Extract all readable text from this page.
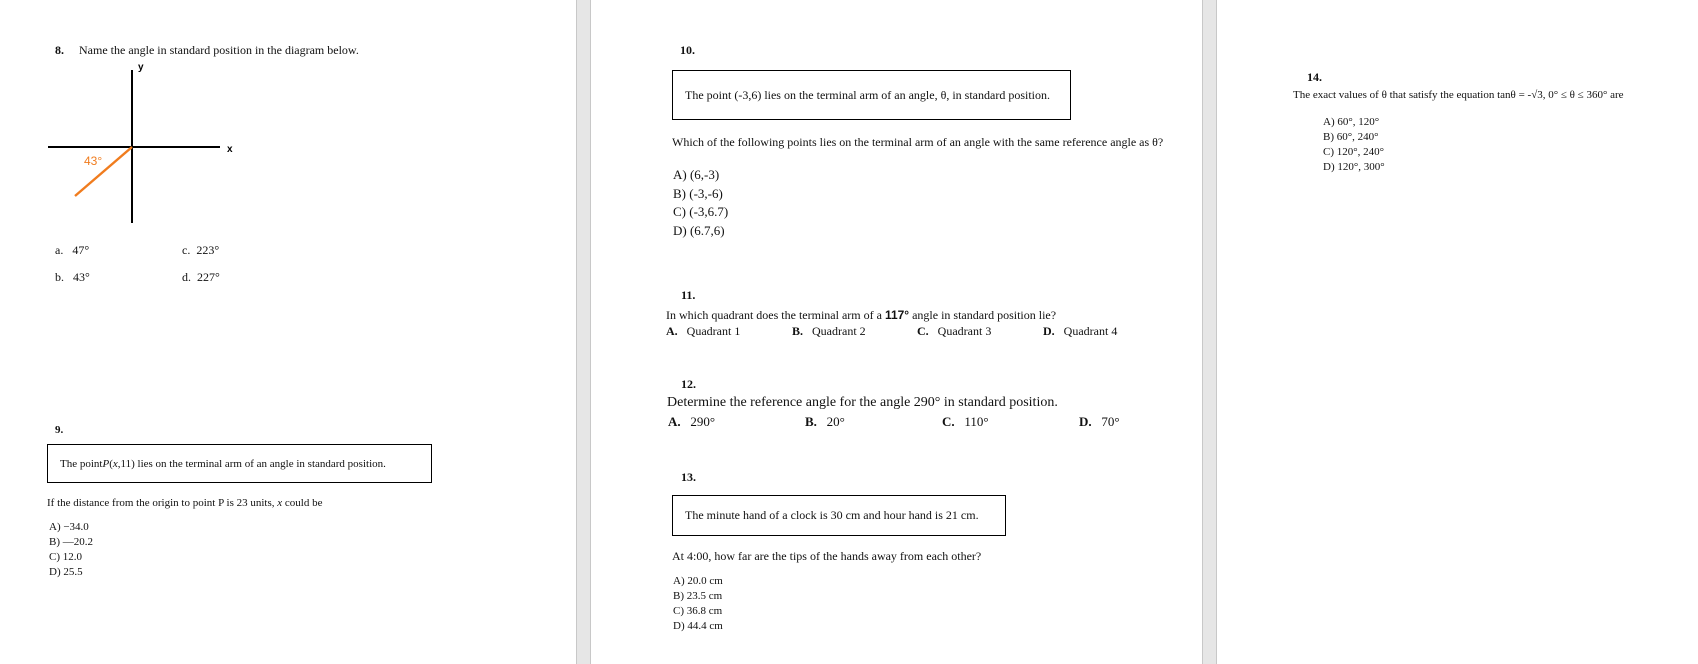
8. Name the angle in standard position in the diagram below.
y
x
43°
a. 47°	c. 223°
b. 43°	d. 227°
9.
The point P ( x ,11) lies on the terminal arm of an angle in standard position.
If the distance from the origin to point P is 23 units, x could be
A) −34.0
B) —20.2
C) 12.0
D) 25.5
10.
The point (-3,6) lies on the terminal arm of an angle, θ, in standard position.
Which of the following points lies on the terminal arm of an angle with the same reference angle as θ?
A) (6,-3)
B) (-3,-6)
C) (-3,6.7)
D) (6.7,6)
11.
In which quadrant does the terminal arm of a 117° angle in standard position lie?
A. Quadrant 1	B. Quadrant 2	C. Quadrant 3	D. Quadrant 4
12.
Determine the reference angle for the angle 290° in standard position.
A. 290°	B. 20°	C. 110°	D. 70°
13.
The minute hand of a clock is 30 cm and hour hand is 21 cm.
At 4:00, how far are the tips of the hands away from each other?
A) 20.0 cm
B) 23.5 cm
C) 36.8 cm
D) 44.4 cm
14.
The exact values of θ that satisfy the equation tanθ = -√3, 0° ≤ θ ≤ 360° are
A) 60°, 120°
B) 60°, 240°
C) 120°, 240°
D) 120°, 300°
